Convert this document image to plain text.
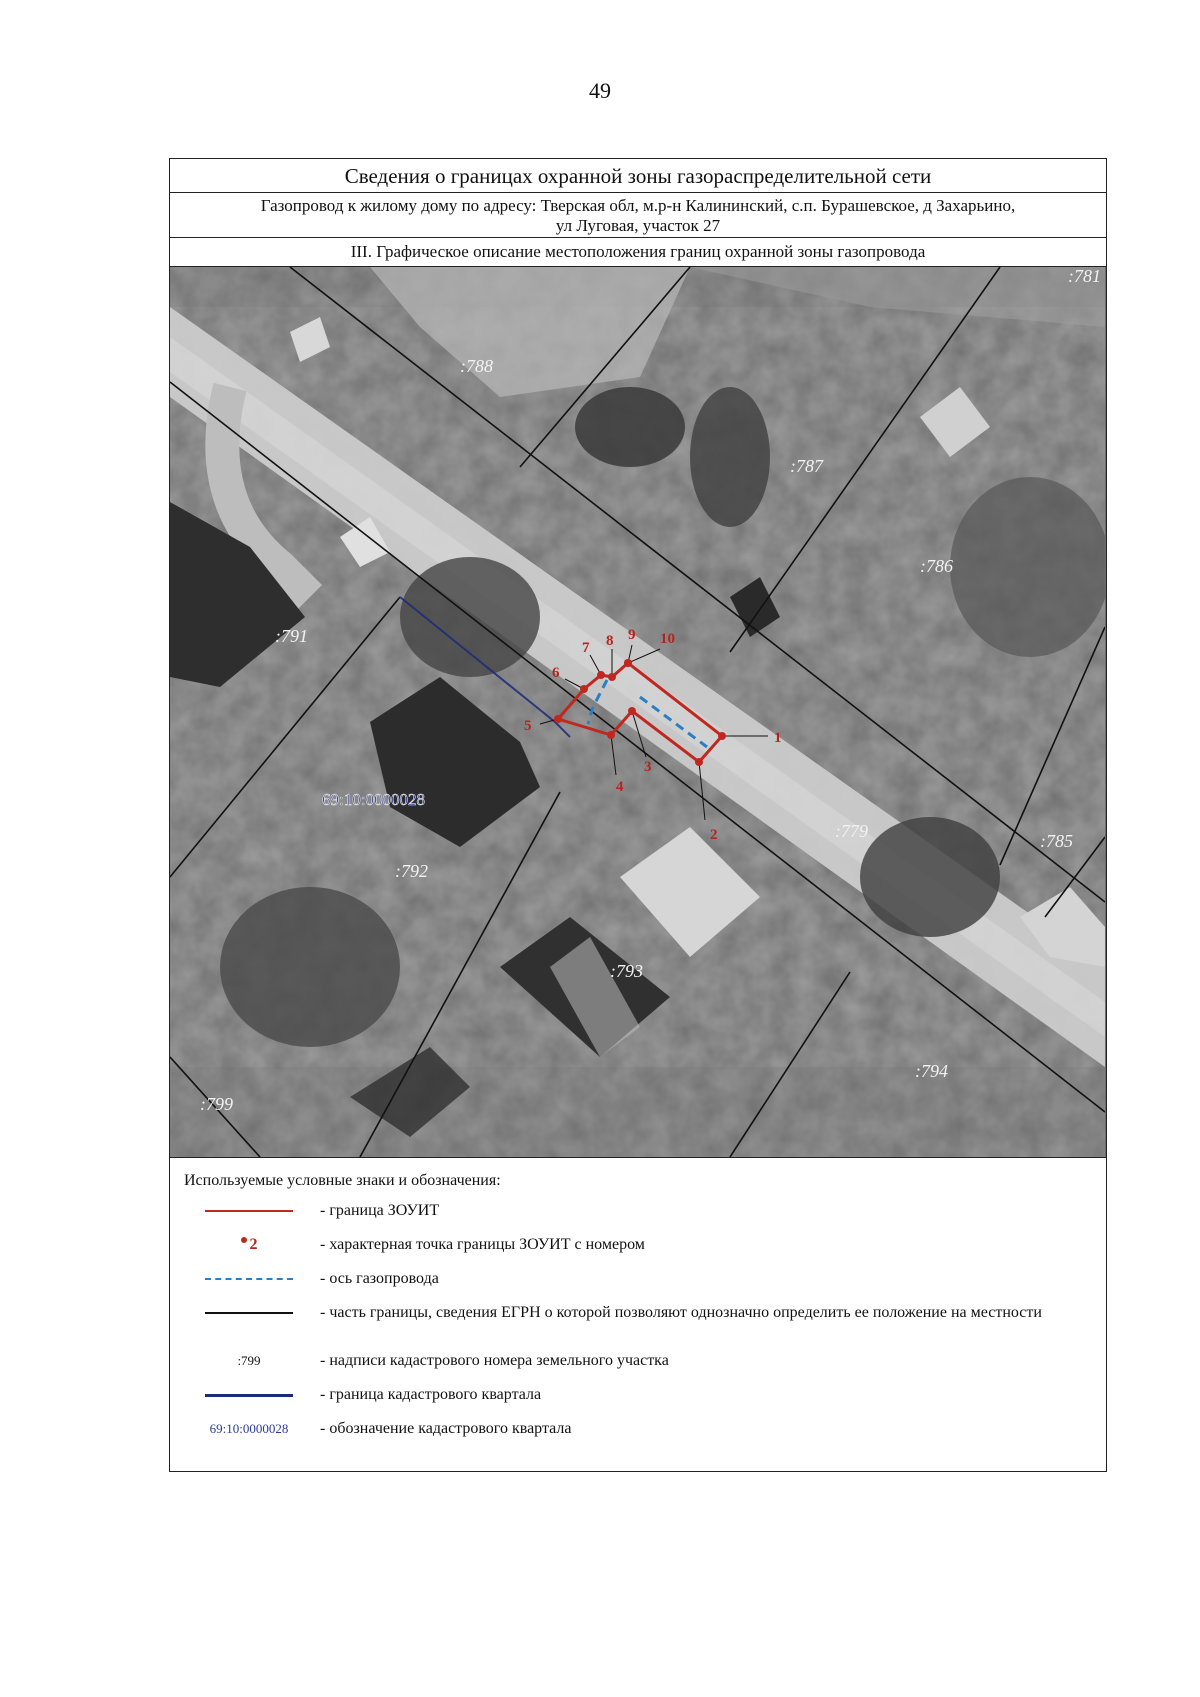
49
Сведения о границах охранной зоны газораспределительной сети
Газопровод к жилому дому по адресу: Тверская обл, м.р-н Калининский, с.п. Бурашевское, д Захарьино,
ул Луговая, участок 27
III. Графическое описание местоположения границ охранной зоны газопровода
1
2
3
4
5
6
7 8 9 10
:788
:787
:786
:791
:779	:785
:792
:793
:794
:799
:781
69:10:0000028
Используемые условные знаки и обозначения:
- граница ЗОУИТ
2	- характерная точка границы ЗОУИТ с номером
- ось газопровода
- часть границы, сведения ЕГРН о которой позволяют однозначно определить ее положение на местности
:799	- надписи кадастрового номера земельного участка
- граница кадастрового квартала
69:10:0000028	- обозначение кадастрового квартала
